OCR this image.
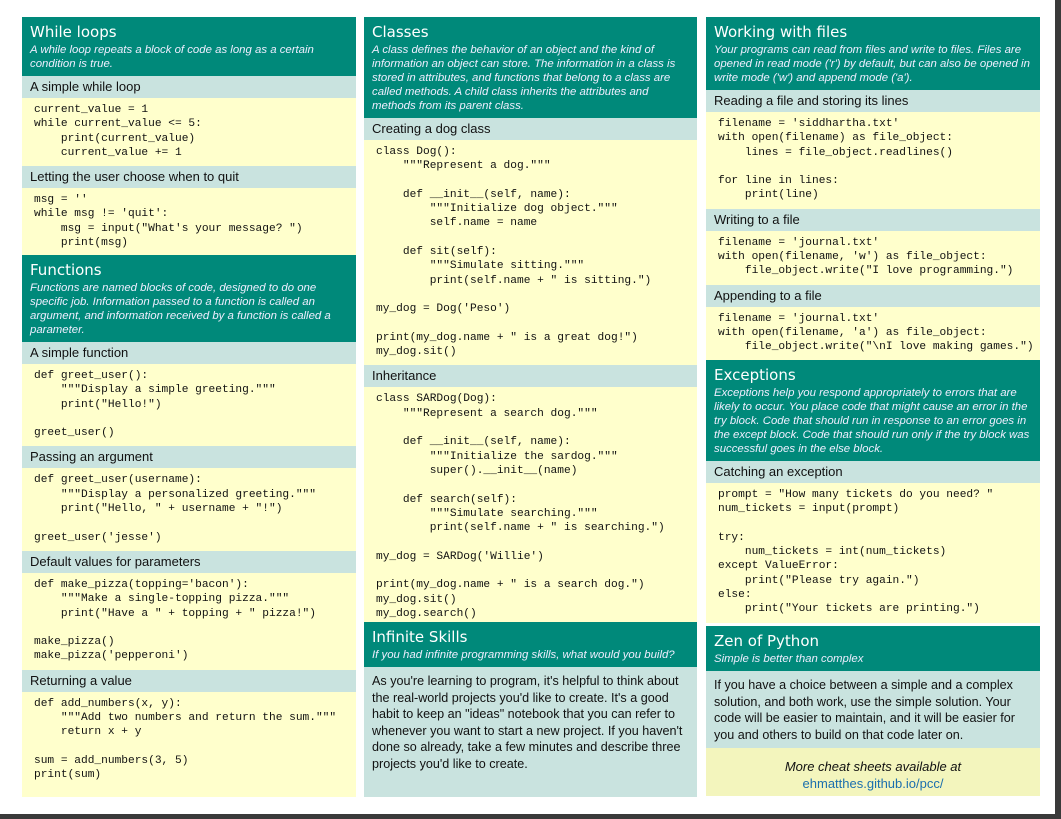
While loops
A while loop repeats a block of code as long as a certain condition is true.
A simple while loop
current_value = 1
while current_value <= 5:
print(current_value)
current_value += 1
Letting the user choose when to quit
msg = ''
while msg != 'quit':
msg = input("What's your message? ")
print(msg)
Functions
Functions are named blocks of code, designed to do one specific job. Information passed to a function is called an argument, and information received by a function is called a parameter.
A simple function
def greet_user():
"""Display a simple greeting."""
print("Hello!")

greet_user()
Passing an argument
def greet_user(username):
"""Display a personalized greeting."""
print("Hello, " + username + "!")

greet_user('jesse')
Default values for parameters
def make_pizza(topping='bacon'):
"""Make a single-topping pizza."""
print("Have a " + topping + " pizza!")

make_pizza()
make_pizza('pepperoni')
Returning a value
def add_numbers(x, y):
"""Add two numbers and return the sum."""
return x + y

sum = add_numbers(3, 5)
print(sum)
Classes
A class defines the behavior of an object and the kind of information an object can store. The information in a class is stored in attributes, and functions that belong to a class are called methods. A child class inherits the attributes and methods from its parent class.
Creating a dog class
class Dog():
"""Represent a dog."""

def __init__(self, name):
"""Initialize dog object."""
self.name = name

def sit(self):
"""Simulate sitting."""
print(self.name + " is sitting.")

my_dog = Dog('Peso')

print(my_dog.name + " is a great dog!")
my_dog.sit()
Inheritance
class SARDog(Dog):
"""Represent a search dog."""

def __init__(self, name):
"""Initialize the sardog."""
super().__init__(name)

def search(self):
"""Simulate searching."""
print(self.name + " is searching.")

my_dog = SARDog('Willie')

print(my_dog.name + " is a search dog.")
my_dog.sit()
my_dog.search()
Infinite Skills
If you had infinite programming skills, what would you build?
As you're learning to program, it's helpful to think about the real-world projects you'd like to create. It's a good habit to keep an "ideas" notebook that you can refer to whenever you want to start a new project. If you haven't done so already, take a few minutes and describe three projects you'd like to create.
Working with files
Your programs can read from files and write to files. Files are opened in read mode ('r') by default, but can also be opened in write mode ('w') and append mode ('a').
Reading a file and storing its lines
filename = 'siddhartha.txt'
with open(filename) as file_object:
lines = file_object.readlines()

for line in lines:
print(line)
Writing to a file
filename = 'journal.txt'
with open(filename, 'w') as file_object:
file_object.write("I love programming.")
Appending to a file
filename = 'journal.txt'
with open(filename, 'a') as file_object:
file_object.write("\nI love making games.")
Exceptions
Exceptions help you respond appropriately to errors that are likely to occur. You place code that might cause an error in the try block. Code that should run in response to an error goes in the except block. Code that should run only if the try block was successful goes in the else block.
Catching an exception
prompt = "How many tickets do you need? "
num_tickets = input(prompt)

try:
num_tickets = int(num_tickets)
except ValueError:
print("Please try again.")
else:
print("Your tickets are printing.")
Zen of Python
Simple is better than complex
If you have a choice between a simple and a complex solution, and both work, use the simple solution. Your code will be easier to maintain, and it will be easier for you and others to build on that code later on.
More cheat sheets available at
ehmatthes.github.io/pcc/
